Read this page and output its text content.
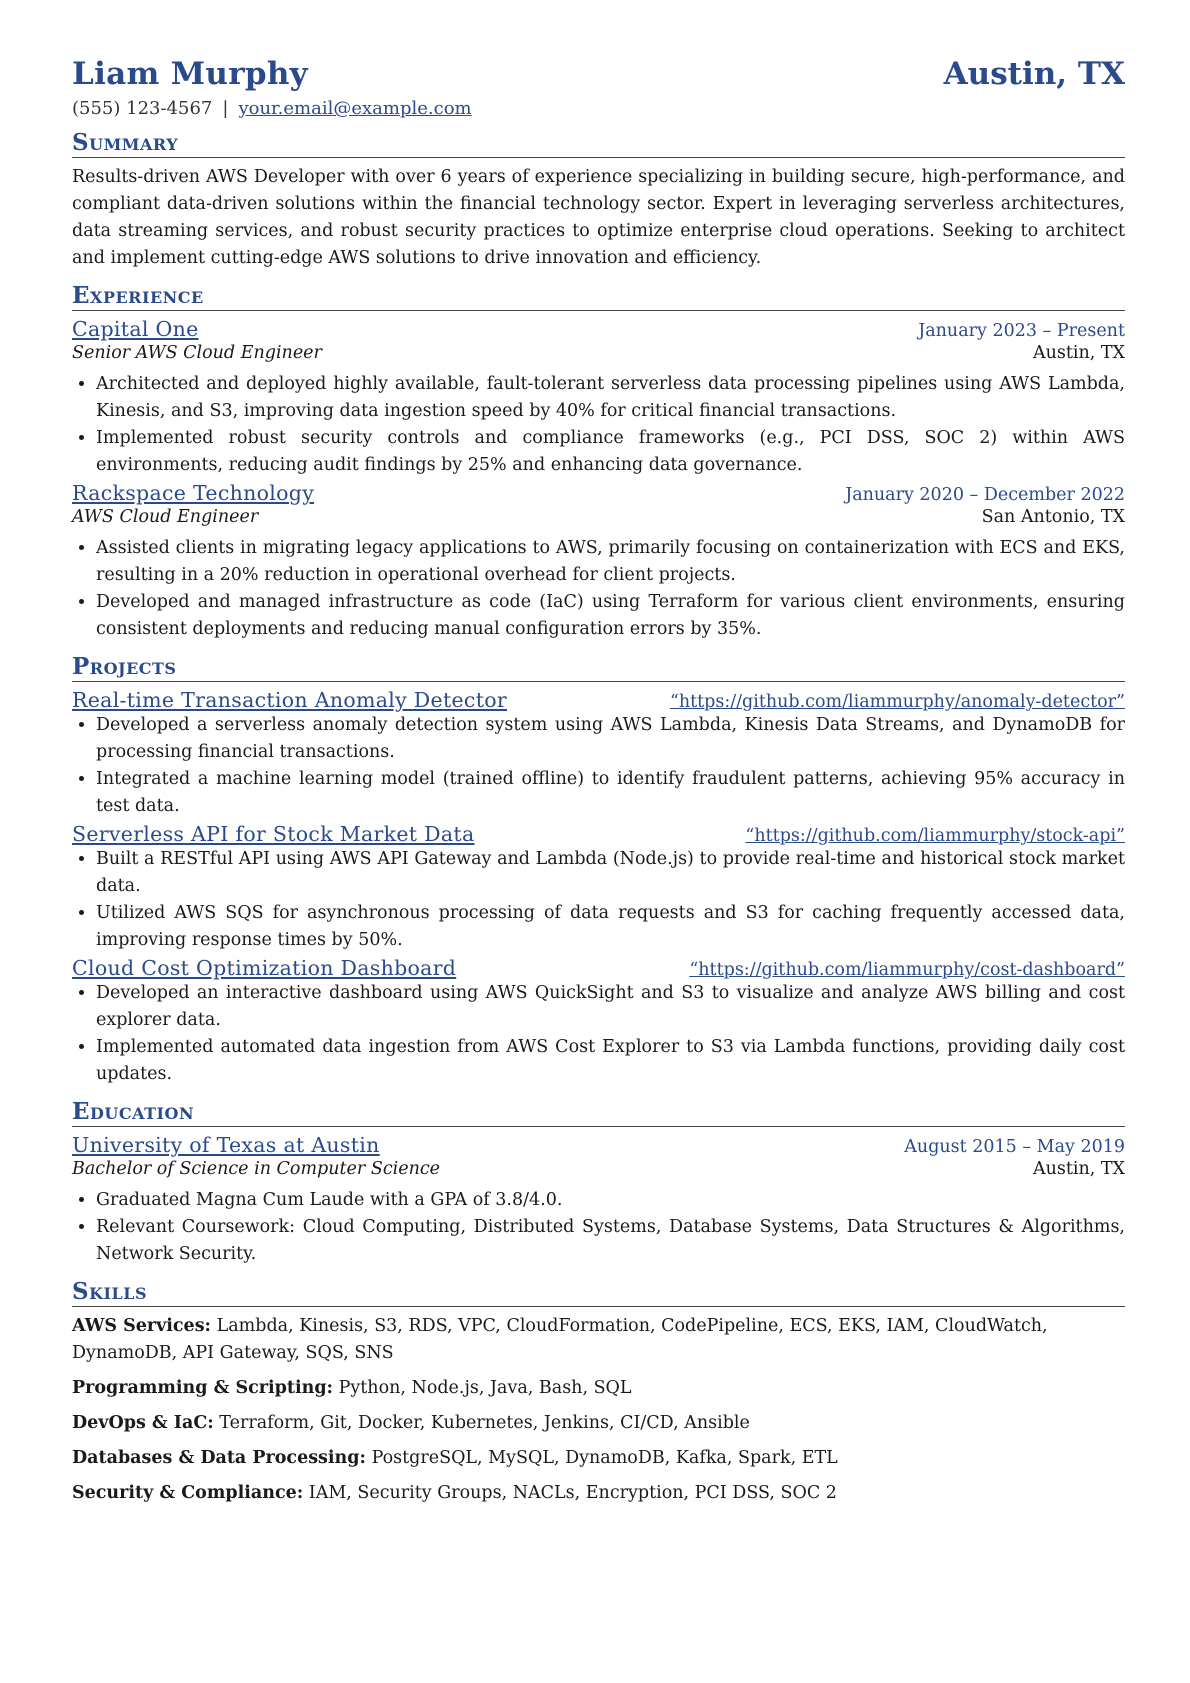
Liam Murphy	Austin, TX
(555) 123-4567 | your.email@example.com
Summary
Results-driven AWS Developer with over 6 years of experience specializing in building secure, high-performance, and compliant data-driven solutions within the financial technology sector. Expert in leveraging serverless architectures, data streaming services, and robust security practices to optimize enterprise cloud operations. Seeking to architect and implement cutting-edge AWS solutions to drive innovation and efficiency.
Experience
Capital One	January 2023 – Present
Senior AWS Cloud Engineer	Austin, TX
• Architected and deployed highly available, fault-tolerant serverless data processing pipelines using AWS Lambda, Kinesis, and S3, improving data ingestion speed by 40% for critical financial transactions.
• Implemented robust security controls and compliance frameworks (e.g., PCI DSS, SOC 2) within AWS environments, reducing audit findings by 25% and enhancing data governance.
Rackspace Technology	January 2020 – December 2022
AWS Cloud Engineer	San Antonio, TX
• Assisted clients in migrating legacy applications to AWS, primarily focusing on containerization with ECS and EKS, resulting in a 20% reduction in operational overhead for client projects.
• Developed and managed infrastructure as code (IaC) using Terraform for various client environments, ensuring consistent deployments and reducing manual configuration errors by 35%.
Projects
Real-time Transaction Anomaly Detector	“https://github.com/liammurphy/anomaly-detector”
• Developed a serverless anomaly detection system using AWS Lambda, Kinesis Data Streams, and DynamoDB for processing financial transactions.
• Integrated a machine learning model (trained offline) to identify fraudulent patterns, achieving 95% accuracy in test data.
Serverless API for Stock Market Data	“https://github.com/liammurphy/stock-api”
• Built a RESTful API using AWS API Gateway and Lambda (Node.js) to provide real-time and historical stock market data.
• Utilized AWS SQS for asynchronous processing of data requests and S3 for caching frequently accessed data, improving response times by 50%.
Cloud Cost Optimization Dashboard	“https://github.com/liammurphy/cost-dashboard”
• Developed an interactive dashboard using AWS QuickSight and S3 to visualize and analyze AWS billing and cost explorer data.
• Implemented automated data ingestion from AWS Cost Explorer to S3 via Lambda functions, providing daily cost updates.
Education
University of Texas at Austin	August 2015 – May 2019
Bachelor of Science in Computer Science	Austin, TX
• Graduated Magna Cum Laude with a GPA of 3.8/4.0.
• Relevant Coursework: Cloud Computing, Distributed Systems, Database Systems, Data Structures & Algorithms, Network Security.
Skills
AWS Services: Lambda, Kinesis, S3, RDS, VPC, CloudFormation, CodePipeline, ECS, EKS, IAM, CloudWatch, DynamoDB, API Gateway, SQS, SNS
Programming & Scripting: Python, Node.js, Java, Bash, SQL
DevOps & IaC: Terraform, Git, Docker, Kubernetes, Jenkins, CI/CD, Ansible
Databases & Data Processing: PostgreSQL, MySQL, DynamoDB, Kafka, Spark, ETL
Security & Compliance: IAM, Security Groups, NACLs, Encryption, PCI DSS, SOC 2
